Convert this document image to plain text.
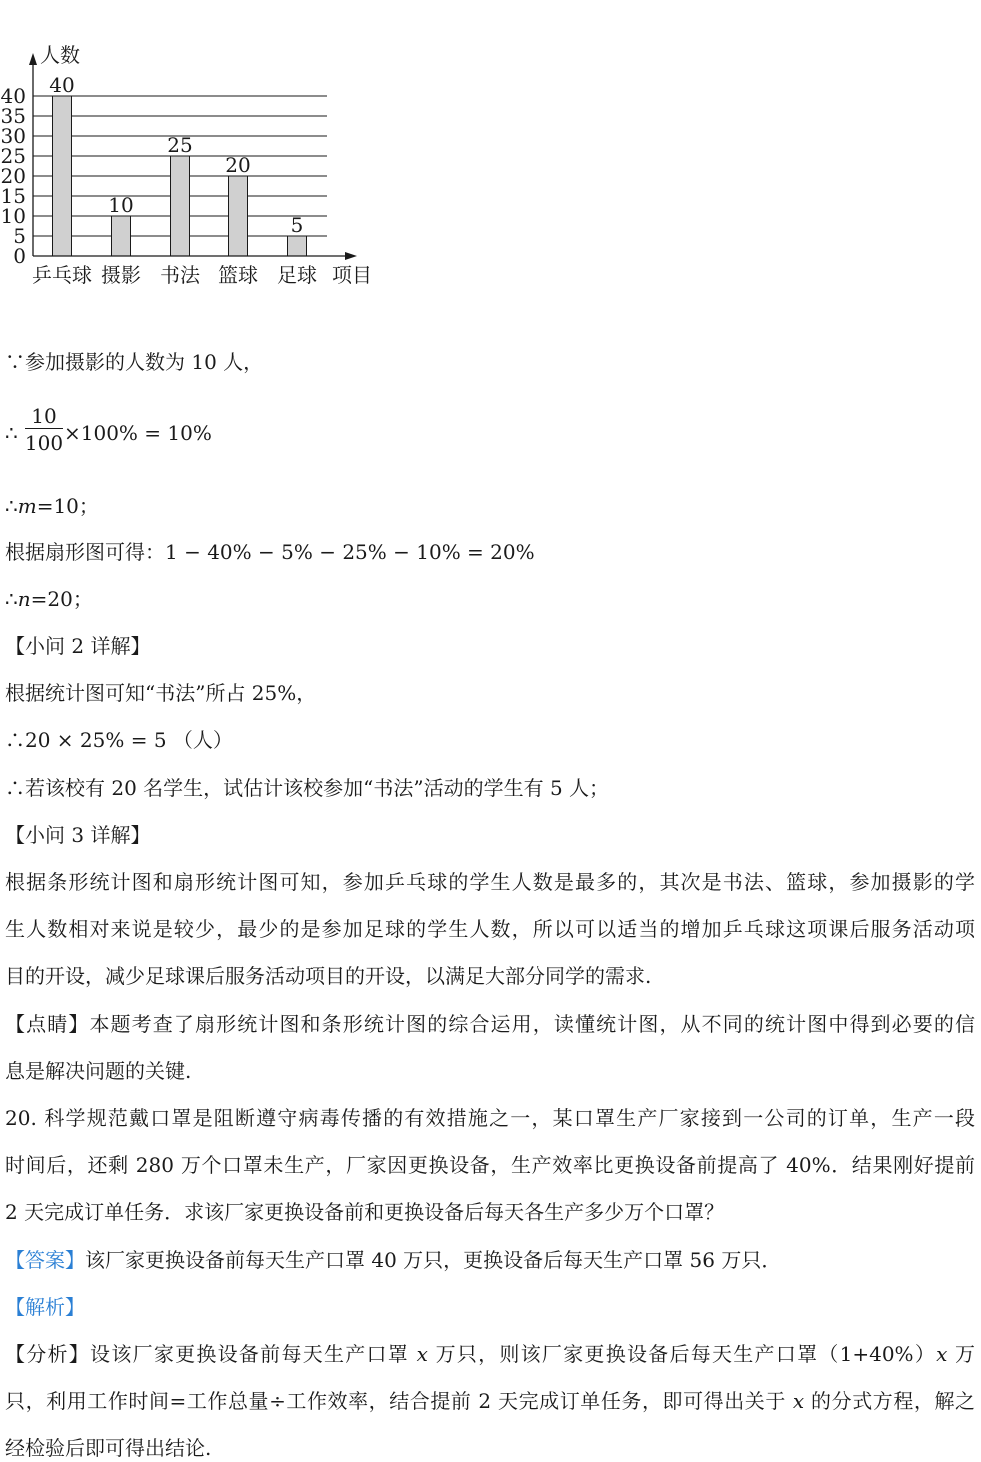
0
5
10
15
20
25
30
35
40
乒乓球 摄影 书法 篮球 足球
40
10
25
20
5
人数
项目
∵参加摄影的人数为 10 人，
∴
10
100 ×100% = 10%
∴m=10；
根据扇形图可得：1 − 40% − 5% − 25% − 10% = 20%
∴n=20；
【小问 2 详解】
根据统计图可知“书法”所占 25%，
∴20 × 25% = 5 （人）
∴若该校有 20 名学生，试估计该校参加“书法”活动的学生有 5 人；
【小问 3 详解】
根据条形统计图和扇形统计图可知，参加乒乓球的学生人数是最多的，其次是书法、篮球，参加摄影的学
生人数相对来说是较少，最少的是参加足球的学生人数，所以可以适当的增加乒乓球这项课后服务活动项
目的开设，减少足球课后服务活动项目的开设，以满足大部分同学的需求.
【点睛】本题考查了扇形统计图和条形统计图的综合运用，读懂统计图，从不同的统计图中得到必要的信
息是解决问题的关键.
20. 科学规范戴口罩是阻断遵守病毒传播的有效措施之一，某口罩生产厂家接到一公司的订单，生产一段
时间后，还剩 280 万个口罩未生产，厂家因更换设备，生产效率比更换设备前提高了 40%．结果刚好提前
2 天完成订单任务．求该厂家更换设备前和更换设备后每天各生产多少万个口罩？
【答案】该厂家更换设备前每天生产口罩 40 万只，更换设备后每天生产口罩 56 万只．
【解析】
【分析】设该厂家更换设备前每天生产口罩 x 万只，则该厂家更换设备后每天生产口罩（1+40%）x 万
只，利用工作时间=工作总量÷工作效率，结合提前 2 天完成订单任务，即可得出关于 x 的分式方程，解之
经检验后即可得出结论.
